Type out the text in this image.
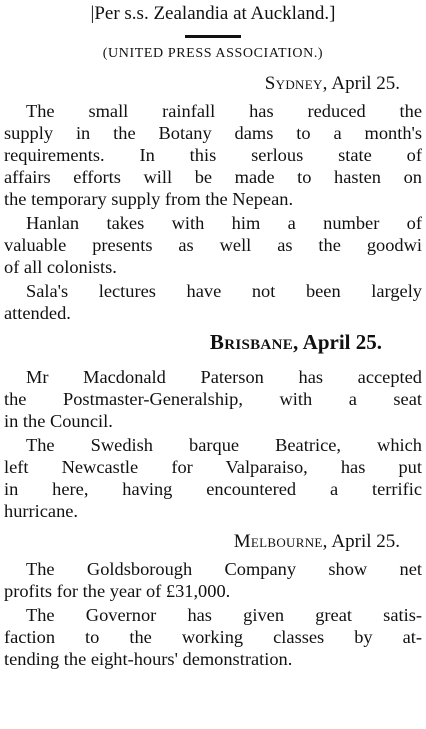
|Per s.s. Zealandia at Auckland.]

(UNITED PRESS ASSOCIATION.)

Sydney, April 25.

The small rainfall has reduced the
supply in the Botany dams to a month's
requirements. In this serlous state of
affairs efforts will be made to hasten on
the temporary supply from the Nepean.
Hanlan takes with him a number of
valuable presents as well as the goodwi
of all colonists.
Sala's lectures have not been largely
attended.

Brisbane, April 25.

Mr Macdonald Paterson has accepted
the Postmaster-Generalship, with a seat
in the Council.
The Swedish barque Beatrice, which
left Newcastle for Valparaiso, has put
in here, having encountered a terrific
hurricane.

Melbourne, April 25.

The Goldsborough Company show net
profits for the year of £31,000.
The Governor has given great satis-
faction to the working classes by at-
tending the eight-hours' demonstration.
